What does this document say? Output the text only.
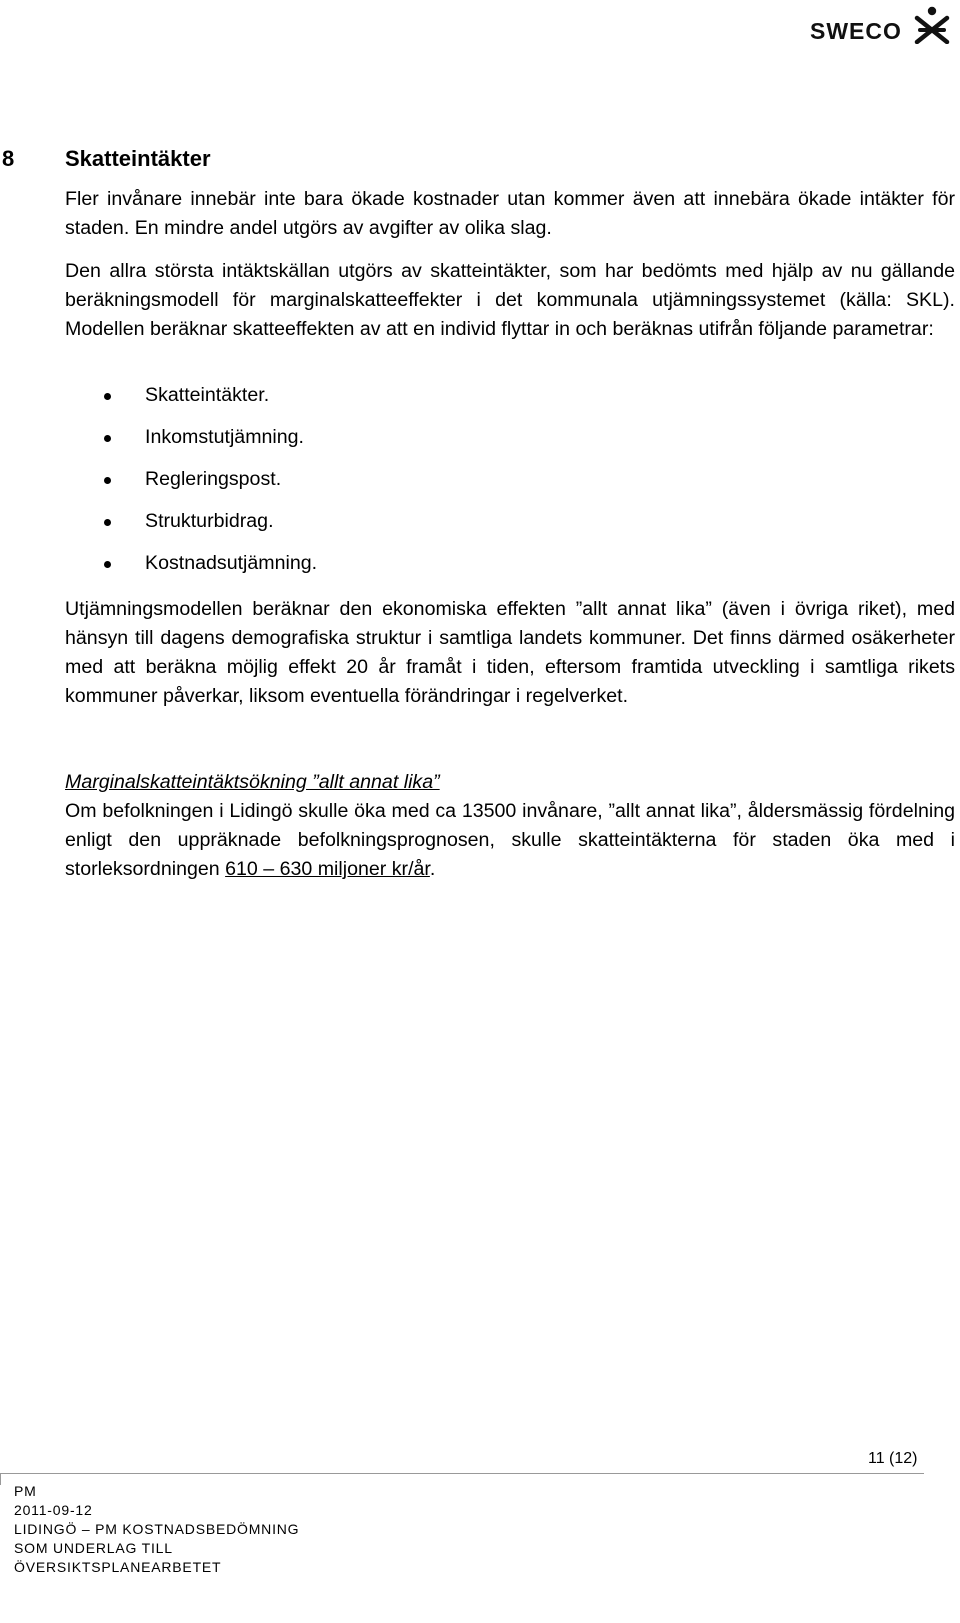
SWECO
8 Skatteintäkter

Fler invånare innebär inte bara ökade kostnader utan kommer även att innebära ökade intäkter för staden. En mindre andel utgörs av avgifter av olika slag.

Den allra största intäktskällan utgörs av skatteintäkter, som har bedömts med hjälp av nu gällande beräkningsmodell för marginalskatteeffekter i det kommunala utjämningssystemet (källa: SKL). Modellen beräknar skatteeffekten av att en individ flyttar in och beräknas utifrån följande parametrar:

Skatteintäkter.
Inkomstutjämning.
Regleringspost.
Strukturbidrag.
Kostnadsutjämning.

Utjämningsmodellen beräknar den ekonomiska effekten ”allt annat lika” (även i övriga riket), med hänsyn till dagens demografiska struktur i samtliga landets kommuner. Det finns därmed osäkerheter med att beräkna möjlig effekt 20 år framåt i tiden, eftersom framtida utveckling i samtliga rikets kommuner påverkar, liksom eventuella förändringar i regelverket.

Marginalskatteintäktsökning ”allt annat lika”

Om befolkningen i Lidingö skulle öka med ca 13500 invånare, ”allt annat lika”, åldersmässig fördelning enligt den uppräknade befolkningsprognosen, skulle skatteintäkterna för staden öka med i storleksordningen 610 – 630 miljoner kr/år.

11 (12)
PM
2011-09-12
LIDINGÖ – PM KOSTNADSBEDÖMNING
SOM UNDERLAG TILL
ÖVERSIKTSPLANEARBETET
